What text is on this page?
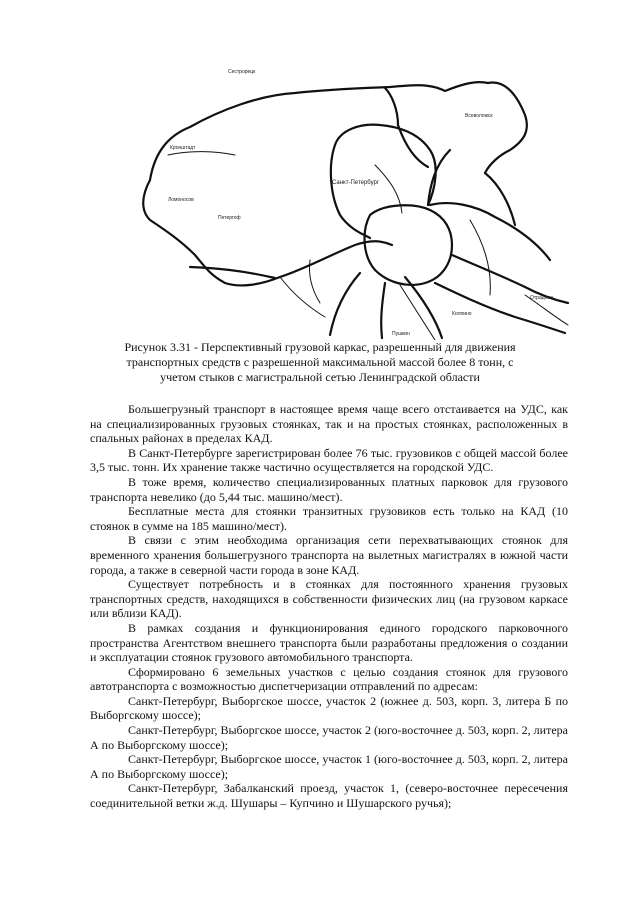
Сестрорецк
Кронштадт
Ломоносов
Петергоф
Санкт-Петербург
Всеволожск
Колпино
Отрадное
Пушкин
Рисунок 3.31 - Перспективный грузовой каркас, разрешенный для движения
транспортных средств с разрешенной максимальной массой более 8 тонн, с
учетом стыков с магистральной сетью Ленинградской области

Большегрузный транспорт в настоящее время чаще всего отстаивается на УДС, как на специализированных грузовых стоянках, так и на простых стоянках, расположенных в спальных районах в пределах КАД.

В Санкт-Петербурге зарегистрирован более 76 тыс. грузовиков с общей массой более 3,5 тыс. тонн. Их хранение также частично осуществляется на городской УДС.

В тоже время, количество специализированных платных парковок для грузового транспорта невелико (до 5,44 тыс. машино/мест).

Бесплатные места для стоянки транзитных грузовиков есть только на КАД (10 стоянок в сумме на 185 машино/мест).

В связи с этим необходима организация сети перехватывающих стоянок для временного хранения большегрузного транспорта на вылетных магистралях в южной части города, а также в северной части города в зоне КАД.

Существует потребность и в стоянках для постоянного хранения грузовых транспортных средств, находящихся в собственности физических лиц (на грузовом каркасе или вблизи КАД).

В рамках создания и функционирования единого городского парковочного пространства Агентством внешнего транспорта были разработаны предложения о создании и эксплуатации стоянок грузового автомобильного транспорта.

Сформировано 6 земельных участков с целью создания стоянок для грузового автотранспорта с возможностью диспетчеризации отправлений по адресам:

Санкт-Петербург, Выборгское шоссе, участок 2 (южнее д. 503, корп. 3, литера Б по Выборгскому шоссе);

Санкт-Петербург, Выборгское шоссе, участок 2 (юго-восточнее д. 503, корп. 2, литера А по Выборгскому шоссе);

Санкт-Петербург, Выборгское шоссе, участок 1 (юго-восточнее д. 503, корп. 2, литера А по Выборгскому шоссе);

Санкт-Петербург, Забалканский проезд, участок 1, (северо-восточнее пересечения соединительной ветки ж.д. Шушары – Купчино и Шушарского ручья);
